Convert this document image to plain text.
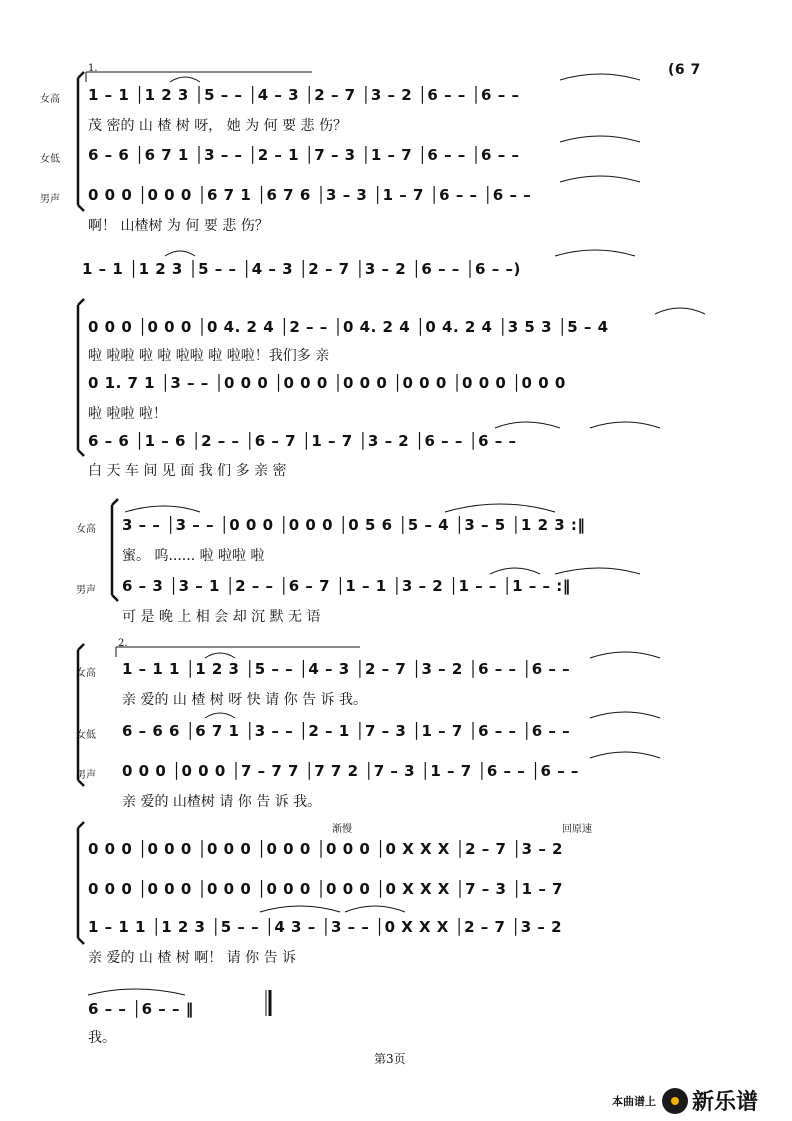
1.	(6 7
2.
女高 1 – 1 │1 2 3 │5 – – │4 – 3 │2 – 7 │3 – 2 │6 – – │6 – –
茂 密的 山 楂 树 呀， 她 为 何 要 悲 伤？
女低 6 – 6 │6 7 1 │3 – – │2 – 1 │7 – 3 │1 – 7 │6 – – │6 – –
男声 0 0 0 │0 0 0 │6 7 1 │6 7 6 │3 – 3 │1 – 7 │6 – – │6 – –
啊！ 山楂树 为 何 要 悲 伤？
1 – 1 │1 2 3 │5 – – │4 – 3 │2 – 7 │3 – 2 │6 – – │6 – –)
0 0 0 │0 0 0 │0 4. 2 4 │2 – – │0 4. 2 4 │0 4. 2 4 │3 5 3 │5 – 4
啦 啦啦 啦 啦 啦啦 啦 啦啦！我们多 亲
0 1. 7 1 │3 – – │0 0 0 │0 0 0 │0 0 0 │0 0 0 │0 0 0 │0 0 0
啦 啦啦 啦！
6 – 6 │1 – 6 │2 – – │6 – 7 │1 – 7 │3 – 2 │6 – – │6 – –
白 天 车 间 见 面 我 们 多 亲 密
女高 3 – – │3 – – │0 0 0 │0 0 0 │0 5 6 │5 – 4 │3 – 5 │1 2 3 :‖
蜜。 呜...... 啦 啦啦 啦
男声 6 – 3 │3 – 1 │2 – – │6 – 7 │1 – 1 │3 – 2 │1 – – │1 – – :‖
可 是 晚 上 相 会 却 沉 默 无 语
女高 1 – 1 1 │1 2 3 │5 – – │4 – 3 │2 – 7 │3 – 2 │6 – – │6 – –
亲 爱的 山 楂 树 呀 快 请 你 告 诉 我。
女低 6 – 6 6 │6 7 1 │3 – – │2 – 1 │7 – 3 │1 – 7 │6 – – │6 – –
男声 0 0 0 │0 0 0 │7 – 7 7 │7 7 2 │7 – 3 │1 – 7 │6 – – │6 – –
亲 爱的 山楂树 请 你 告 诉 我。
渐慢	回原速
0 0 0 │0 0 0 │0 0 0 │0 0 0 │0 0 0 │0 X X X │2 – 7 │3 – 2
0 0 0 │0 0 0 │0 0 0 │0 0 0 │0 0 0 │0 X X X │7 – 3 │1 – 7
1 – 1 1 │1 2 3 │5 – – │4 3 – │3 – – │0 X X X │2 – 7 │3 – 2
亲 爱的 山 楂 树 啊！ 请 你 告 诉
6 – – │6 – – ‖
我。
第3页
本曲谱上 新乐谱
